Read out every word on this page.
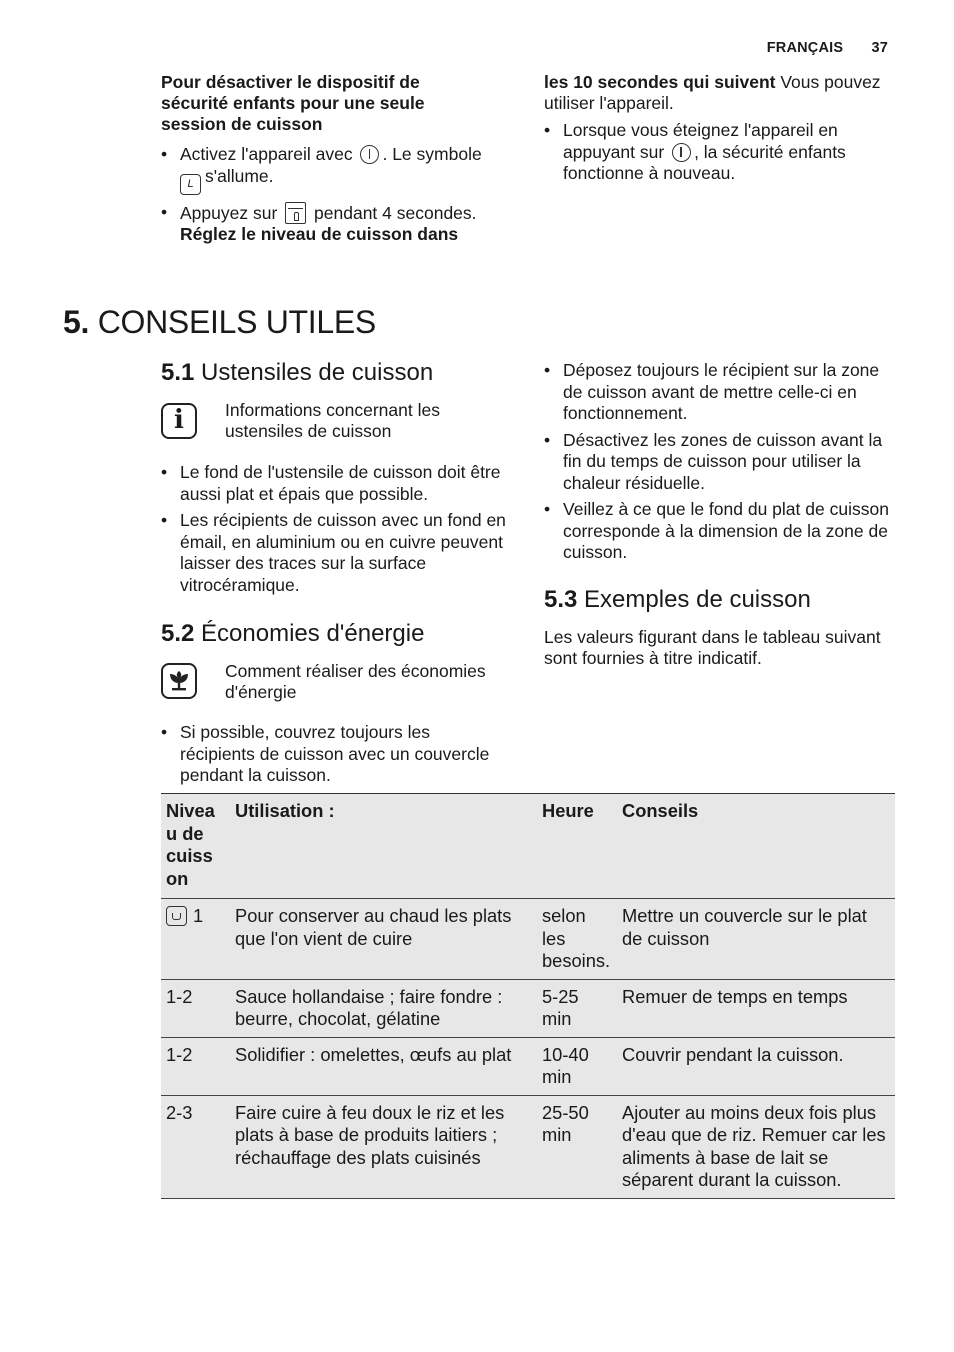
FRANÇAIS 37
Pour désactiver le dispositif de sécurité enfants pour une seule session de cuisson
• Activez l'appareil avec . Le symbole
L s'allume.
• Appuyez sur pendant 4 secondes.
Réglez le niveau de cuisson dans
les 10 secondes qui suivent Vous pouvez utiliser l'appareil.
• Lorsque vous éteignez l'appareil en appuyant sur , la sécurité enfants fonctionne à nouveau.
5. CONSEILS UTILES
5.1 Ustensiles de cuisson
i	Informations concernant les ustensiles de cuisson
• Le fond de l'ustensile de cuisson doit être aussi plat et épais que possible.
• Les récipients de cuisson avec un fond en émail, en aluminium ou en cuivre peuvent laisser des traces sur la surface vitrocéramique.
5.2 Économies d'énergie
Comment réaliser des économies d'énergie
• Si possible, couvrez toujours les récipients de cuisson avec un couvercle pendant la cuisson.
• Déposez toujours le récipient sur la zone de cuisson avant de mettre celle-ci en fonctionnement.
• Désactivez les zones de cuisson avant la fin du temps de cuisson pour utiliser la chaleur résiduelle.
• Veillez à ce que le fond du plat de cuisson corresponde à la dimension de la zone de cuisson.
5.3 Exemples de cuisson
Les valeurs figurant dans le tableau suivant sont fournies à titre indicatif.
Niveau de cuisson	Utilisation :	Heure	Conseils
1	Pour conserver au chaud les plats que l'on vient de cuire	selon les besoins.	Mettre un couvercle sur le plat de cuisson
1-2	Sauce hollandaise ; faire fondre : beurre, chocolat, gélatine	5-25 min	Remuer de temps en temps
1-2	Solidifier : omelettes, œufs au plat	10-40 min	Couvrir pendant la cuisson.
2-3	Faire cuire à feu doux le riz et les plats à base de produits laitiers ; réchauffage des plats cuisinés	25-50 min	Ajouter au moins deux fois plus d'eau que de riz. Remuer car les aliments à base de lait se séparent durant la cuisson.
